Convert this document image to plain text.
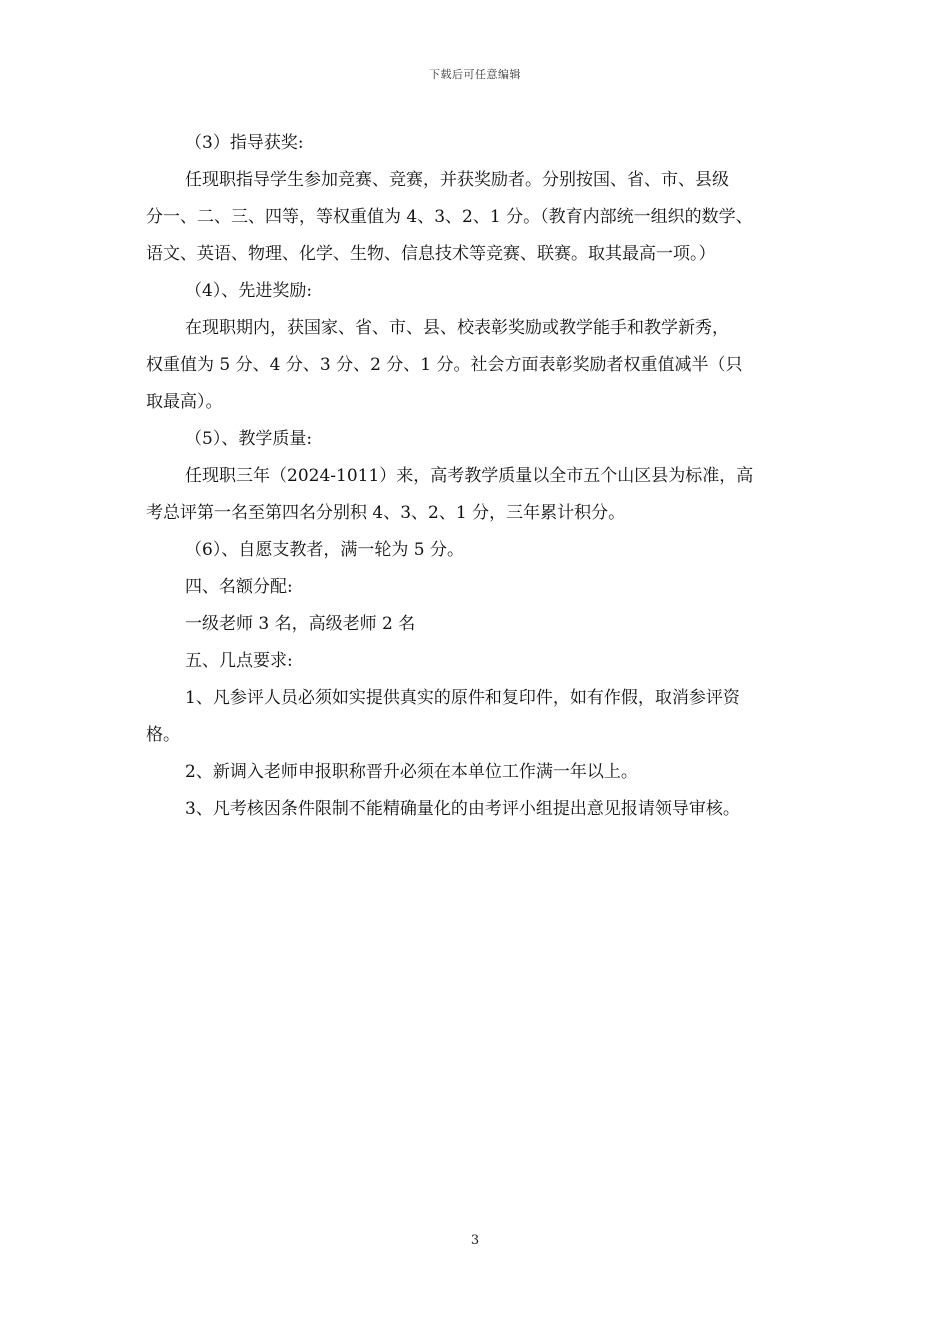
下载后可任意编辑

（3）指导获奖:

任现职指导学生参加竞赛、竞赛，并获奖励者。分别按国、省、市、县级

分一、二、三、四等，等权重值为 4、3、2、1 分。（教育内部统一组织的数学、

语文、英语、物理、化学、生物、信息技术等竞赛、联赛。取其最高一项。）

（4）、先进奖励:

在现职期内，获国家、省、市、县、校表彰奖励或教学能手和教学新秀，

权重值为 5 分、4 分、3 分、2 分、1 分。社会方面表彰奖励者权重值减半（只

取最高）。

（5）、教学质量:

任现职三年（2024-1011）来，高考教学质量以全市五个山区县为标准，高

考总评第一名至第四名分别积 4、3、2、1 分，三年累计积分。

（6）、自愿支教者，满一轮为 5 分。

四、名额分配:

一级老师 3 名，高级老师 2 名

五、几点要求:

1、凡参评人员必须如实提供真实的原件和复印件，如有作假，取消参评资

格。

2、新调入老师申报职称晋升必须在本单位工作满一年以上。

3、凡考核因条件限制不能精确量化的由考评小组提出意见报请领导审核。

3
